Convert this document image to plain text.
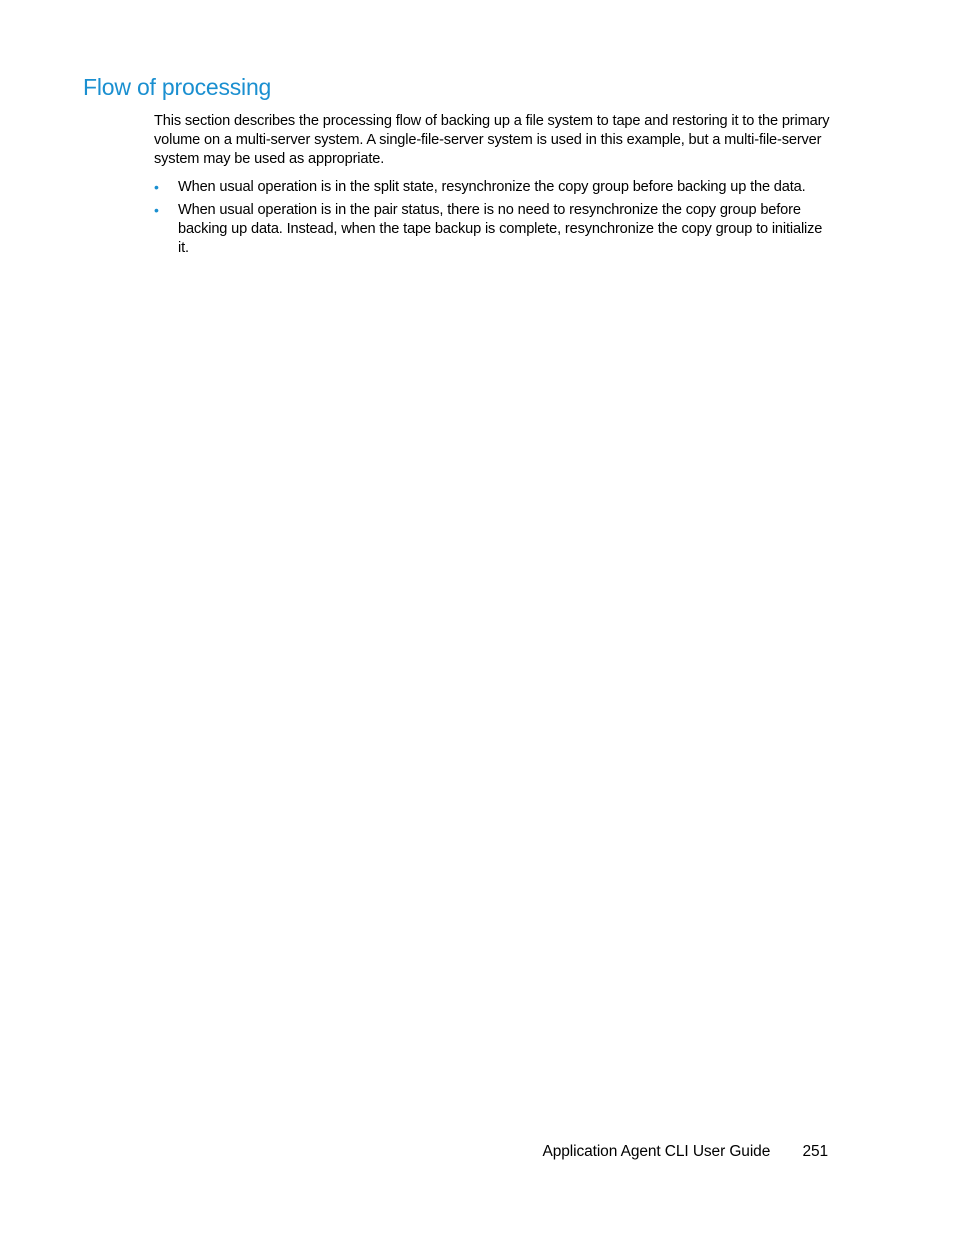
Flow of processing

This section describes the processing flow of backing up a file system to tape and restoring it to the primary volume on a multi-server system. A single-file-server system is used in this example, but a multi-file-server system may be used as appropriate.

• When usual operation is in the split state, resynchronize the copy group before backing up the data.
• When usual operation is in the pair status, there is no need to resynchronize the copy group before backing up data. Instead, when the tape backup is complete, resynchronize the copy group to initialize it.
Application Agent CLI User Guide 251
